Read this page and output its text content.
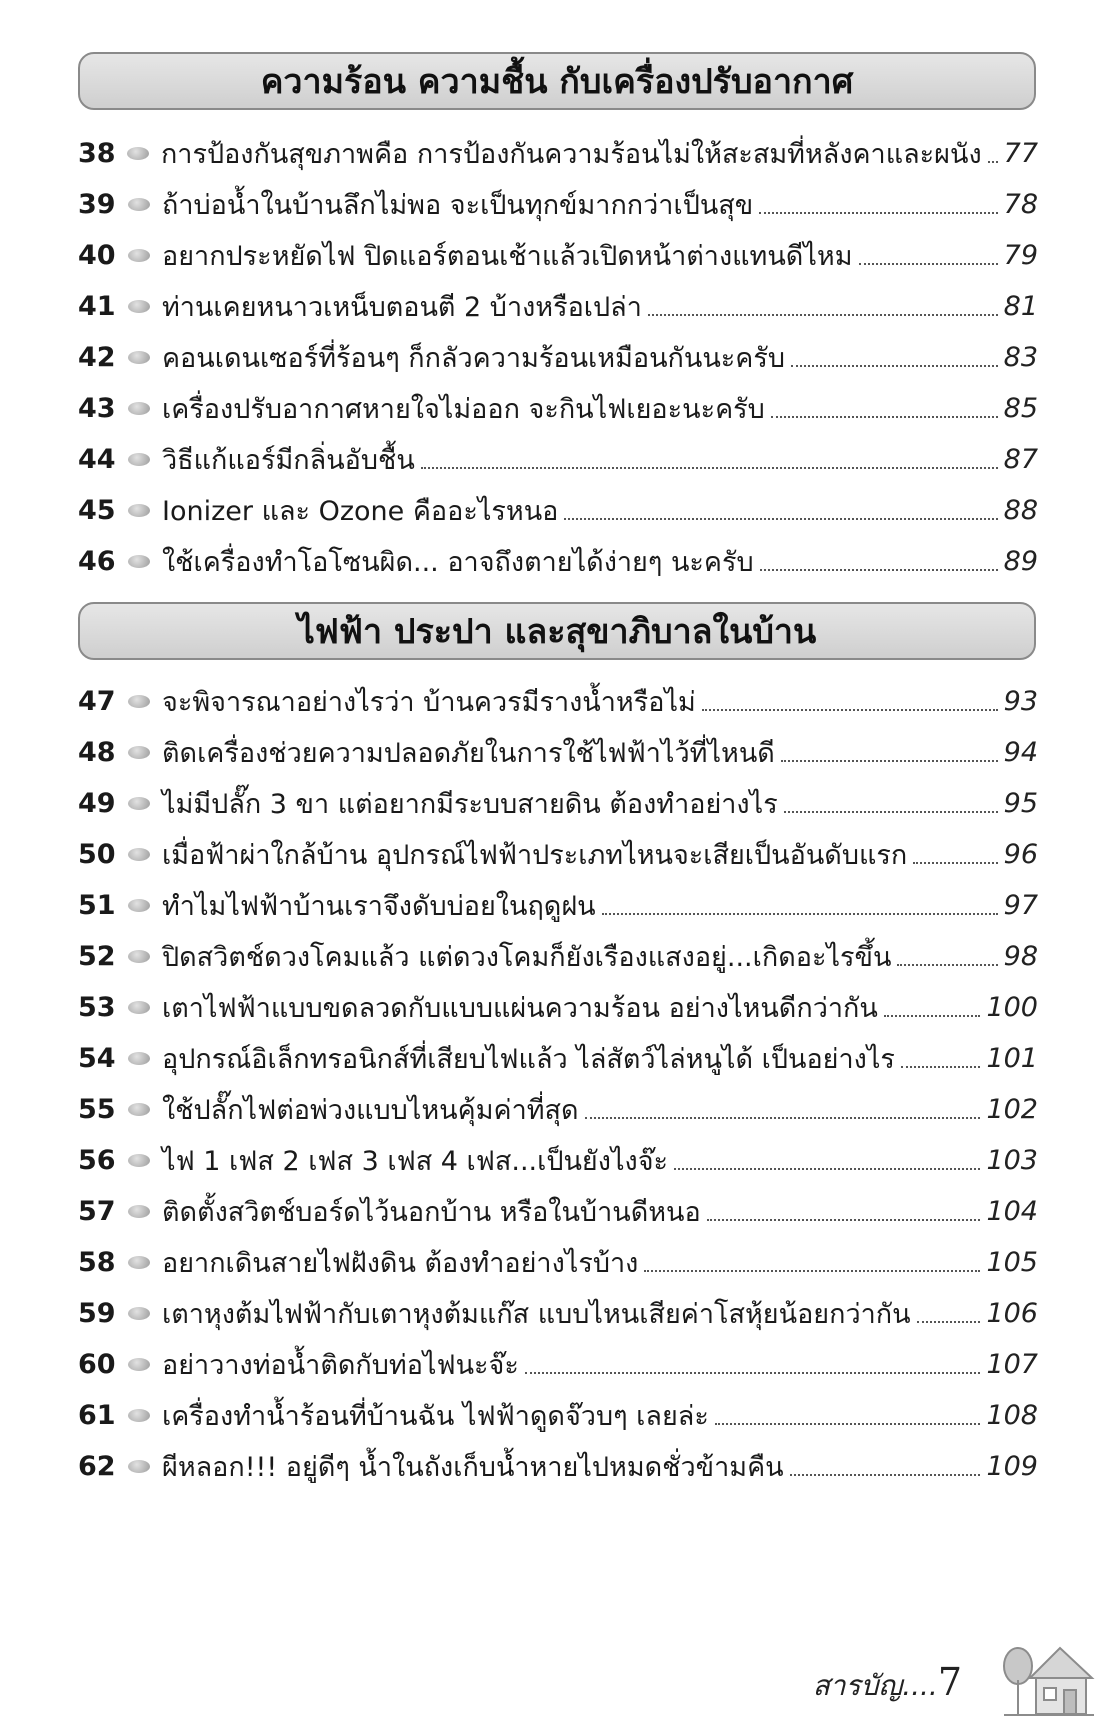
ความร้อน ความชื้น กับเครื่องปรับอากาศ
38 การป้องกันสุขภาพคือ การป้องกันความร้อนไม่ให้สะสมที่หลังคาและผนัง 77
39 ถ้าบ่อน้ำในบ้านลึกไม่พอ จะเป็นทุกข์มากกว่าเป็นสุข	78
40 อยากประหยัดไฟ ปิดแอร์ตอนเช้าแล้วเปิดหน้าต่างแทนดีไหม	79
41 ท่านเคยหนาวเหน็บตอนตี 2 บ้างหรือเปล่า	81
42 คอนเดนเซอร์ที่ร้อนๆ ก็กลัวความร้อนเหมือนกันนะครับ	83
43 เครื่องปรับอากาศหายใจไม่ออก จะกินไฟเยอะนะครับ	85
44 วิธีแก้แอร์มีกลิ่นอับชื้น	87
45 Ionizer และ Ozone คืออะไรหนอ	88
46 ใช้เครื่องทำโอโซนผิด... อาจถึงตายได้ง่ายๆ นะครับ	89
ไฟฟ้า ประปา และสุขาภิบาลในบ้าน
47 จะพิจารณาอย่างไรว่า บ้านควรมีรางน้ำหรือไม่	93
48 ติดเครื่องช่วยความปลอดภัยในการใช้ไฟฟ้าไว้ที่ไหนดี	94
49 ไม่มีปลั๊ก 3 ขา แต่อยากมีระบบสายดิน ต้องทำอย่างไร	95
50 เมื่อฟ้าผ่าใกล้บ้าน อุปกรณ์ไฟฟ้าประเภทไหนจะเสียเป็นอันดับแรก	96
51 ทำไมไฟฟ้าบ้านเราจึงดับบ่อยในฤดูฝน	97
52 ปิดสวิตช์ดวงโคมแล้ว แต่ดวงโคมก็ยังเรืองแสงอยู่...เกิดอะไรขึ้น	98
53 เตาไฟฟ้าแบบขดลวดกับแบบแผ่นความร้อน อย่างไหนดีกว่ากัน	100
54 อุปกรณ์อิเล็กทรอนิกส์ที่เสียบไฟแล้ว ไล่สัตว์ไล่หนูได้ เป็นอย่างไร	101
55 ใช้ปลั๊กไฟต่อพ่วงแบบไหนคุ้มค่าที่สุด	102
56 ไฟ 1 เฟส 2 เฟส 3 เฟส 4 เฟส...เป็นยังไงจ๊ะ	103
57 ติดตั้งสวิตช์บอร์ดไว้นอกบ้าน หรือในบ้านดีหนอ	104
58 อยากเดินสายไฟฝังดิน ต้องทำอย่างไรบ้าง	105
59 เตาหุงต้มไฟฟ้ากับเตาหุงต้มแก๊ส แบบไหนเสียค่าโสหุ้ยน้อยกว่ากัน	106
60 อย่าวางท่อน้ำติดกับท่อไฟนะจ๊ะ	107
61 เครื่องทำน้ำร้อนที่บ้านฉัน ไฟฟ้าดูดจ๊วบๆ เลยล่ะ	108
62 ผีหลอก!!! อยู่ดีๆ น้ำในถังเก็บน้ำหายไปหมดชั่วข้ามคืน	109
สารบัญ....7
